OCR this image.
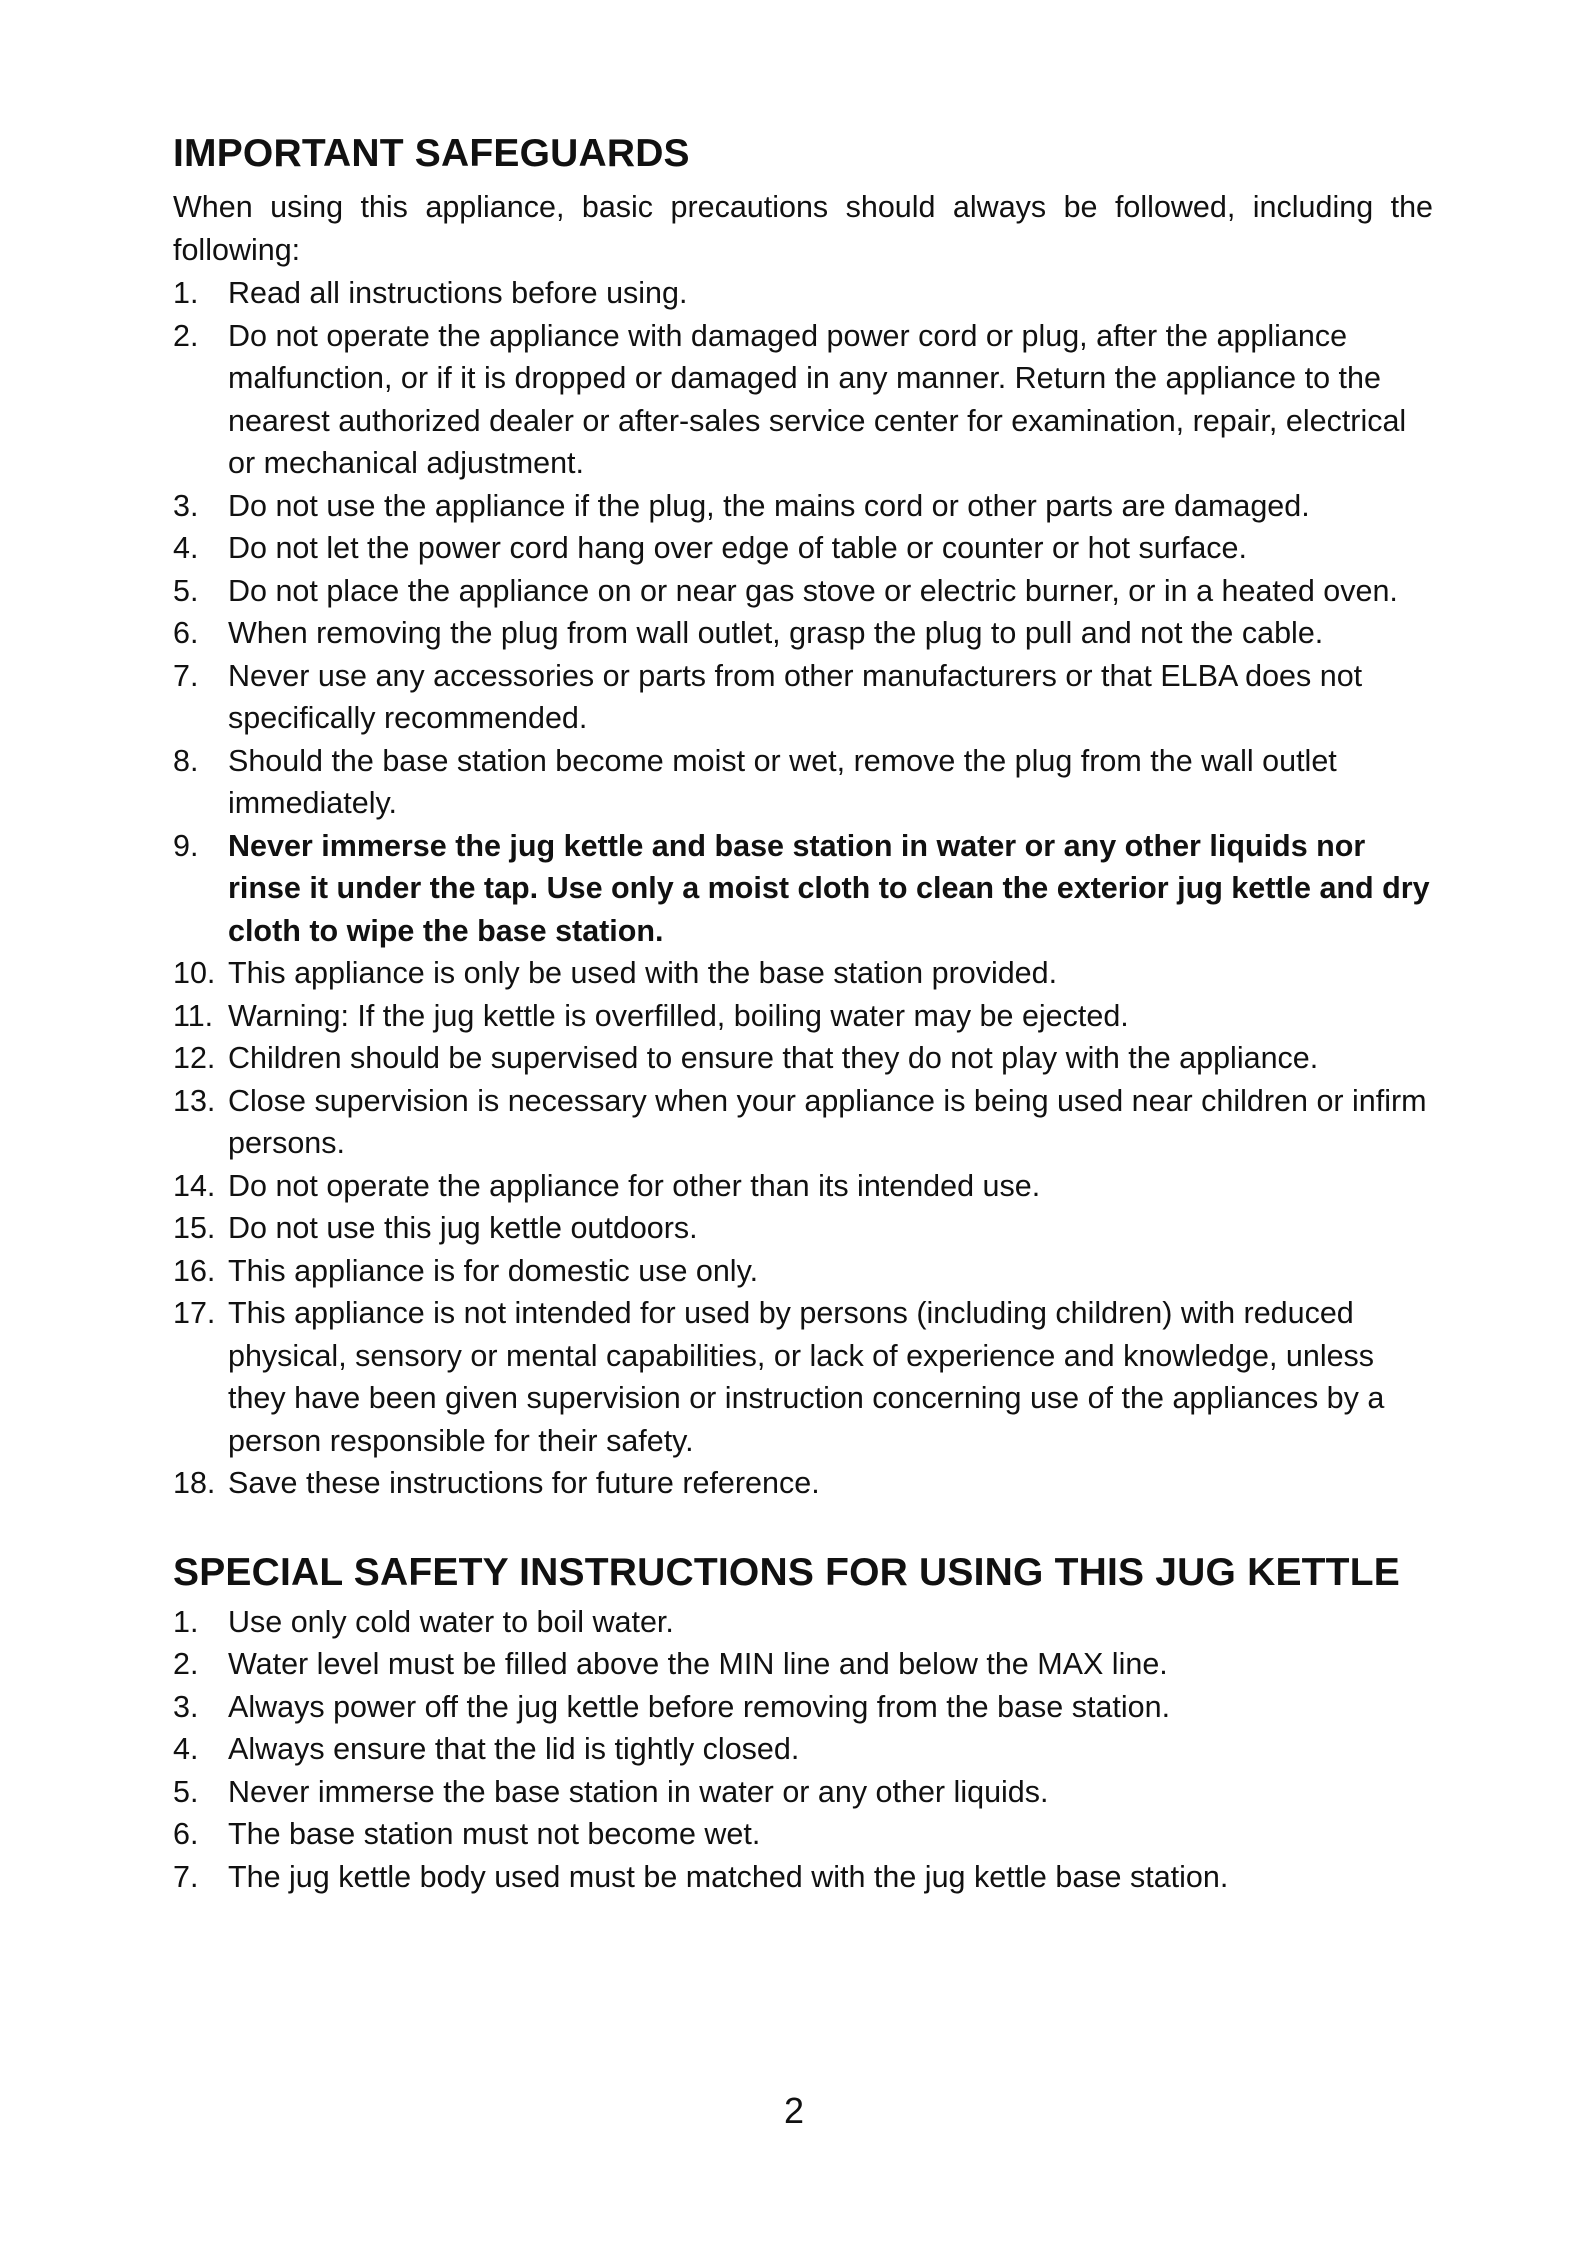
IMPORTANT SAFEGUARDS

When using this appliance, basic precautions should always be followed, including the following:

1. Read all instructions before using.
2. Do not operate the appliance with damaged power cord or plug, after the appliance malfunction, or if it is dropped or damaged in any manner. Return the appliance to the nearest authorized dealer or after-sales service center for examination, repair, electrical or mechanical adjustment.
3. Do not use the appliance if the plug, the mains cord or other parts are damaged.
4. Do not let the power cord hang over edge of table or counter or hot surface.
5. Do not place the appliance on or near gas stove or electric burner, or in a heated oven.
6. When removing the plug from wall outlet, grasp the plug to pull and not the cable.
7. Never use any accessories or parts from other manufacturers or that ELBA does not specifically recommended.
8. Should the base station become moist or wet, remove the plug from the wall outlet immediately.
9. Never immerse the jug kettle and base station in water or any other liquids nor rinse it under the tap. Use only a moist cloth to clean the exterior jug kettle and dry cloth to wipe the base station.
10. This appliance is only be used with the base station provided.
11. Warning: If the jug kettle is overfilled, boiling water may be ejected.
12. Children should be supervised to ensure that they do not play with the appliance.
13. Close supervision is necessary when your appliance is being used near children or infirm persons.
14. Do not operate the appliance for other than its intended use.
15. Do not use this jug kettle outdoors.
16. This appliance is for domestic use only.
17. This appliance is not intended for used by persons (including children) with reduced physical, sensory or mental capabilities, or lack of experience and knowledge, unless they have been given supervision or instruction concerning use of the appliances by a person responsible for their safety.
18. Save these instructions for future reference.
SPECIAL SAFETY INSTRUCTIONS FOR USING THIS JUG KETTLE
1. Use only cold water to boil water.
2. Water level must be filled above the MIN line and below the MAX line.
3. Always power off the jug kettle before removing from the base station.
4. Always ensure that the lid is tightly closed.
5. Never immerse the base station in water or any other liquids.
6. The base station must not become wet.
7. The jug kettle body used must be matched with the jug kettle base station.
2
